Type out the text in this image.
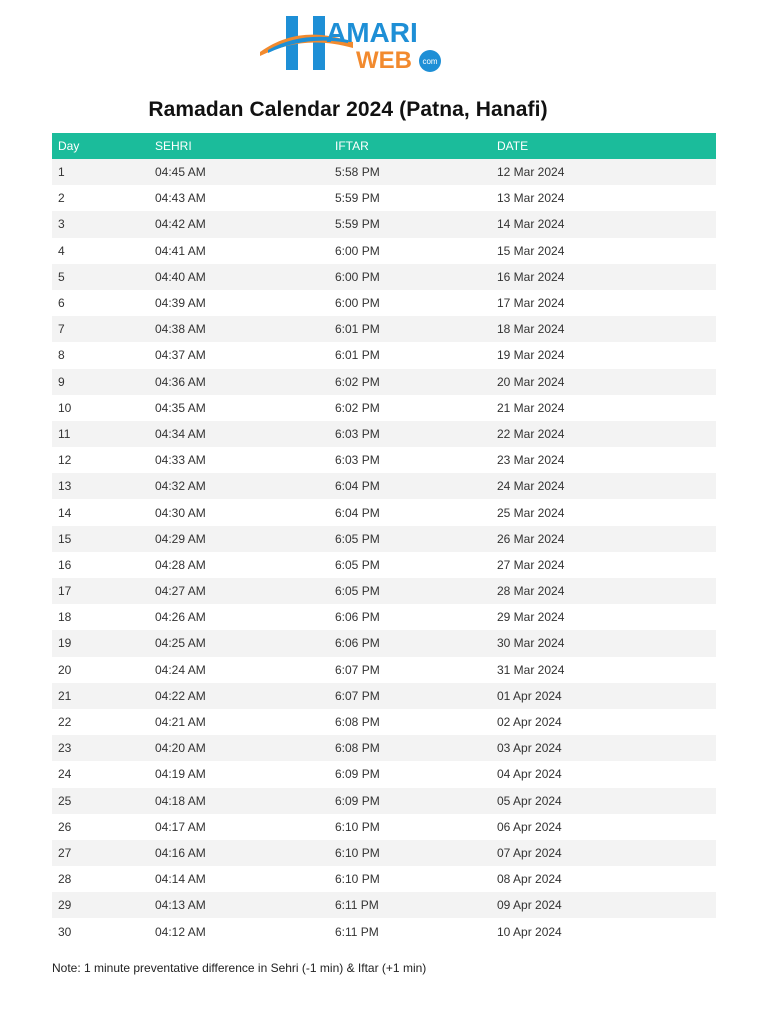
AMARI
WEB com
Ramadan Calendar 2024 (Patna, Hanafi)
Day	SEHRI	IFTAR	DATE
1	04:45 AM	5:58 PM	12 Mar 2024
2	04:43 AM	5:59 PM	13 Mar 2024
3	04:42 AM	5:59 PM	14 Mar 2024
4	04:41 AM	6:00 PM	15 Mar 2024
5	04:40 AM	6:00 PM	16 Mar 2024
6	04:39 AM	6:00 PM	17 Mar 2024
7	04:38 AM	6:01 PM	18 Mar 2024
8	04:37 AM	6:01 PM	19 Mar 2024
9	04:36 AM	6:02 PM	20 Mar 2024
10	04:35 AM	6:02 PM	21 Mar 2024
11	04:34 AM	6:03 PM	22 Mar 2024
12	04:33 AM	6:03 PM	23 Mar 2024
13	04:32 AM	6:04 PM	24 Mar 2024
14	04:30 AM	6:04 PM	25 Mar 2024
15	04:29 AM	6:05 PM	26 Mar 2024
16	04:28 AM	6:05 PM	27 Mar 2024
17	04:27 AM	6:05 PM	28 Mar 2024
18	04:26 AM	6:06 PM	29 Mar 2024
19	04:25 AM	6:06 PM	30 Mar 2024
20	04:24 AM	6:07 PM	31 Mar 2024
21	04:22 AM	6:07 PM	01 Apr 2024
22	04:21 AM	6:08 PM	02 Apr 2024
23	04:20 AM	6:08 PM	03 Apr 2024
24	04:19 AM	6:09 PM	04 Apr 2024
25	04:18 AM	6:09 PM	05 Apr 2024
26	04:17 AM	6:10 PM	06 Apr 2024
27	04:16 AM	6:10 PM	07 Apr 2024
28	04:14 AM	6:10 PM	08 Apr 2024
29	04:13 AM	6:11 PM	09 Apr 2024
30	04:12 AM	6:11 PM	10 Apr 2024
Note: 1 minute preventative difference in Sehri (-1 min) & Iftar (+1 min)
